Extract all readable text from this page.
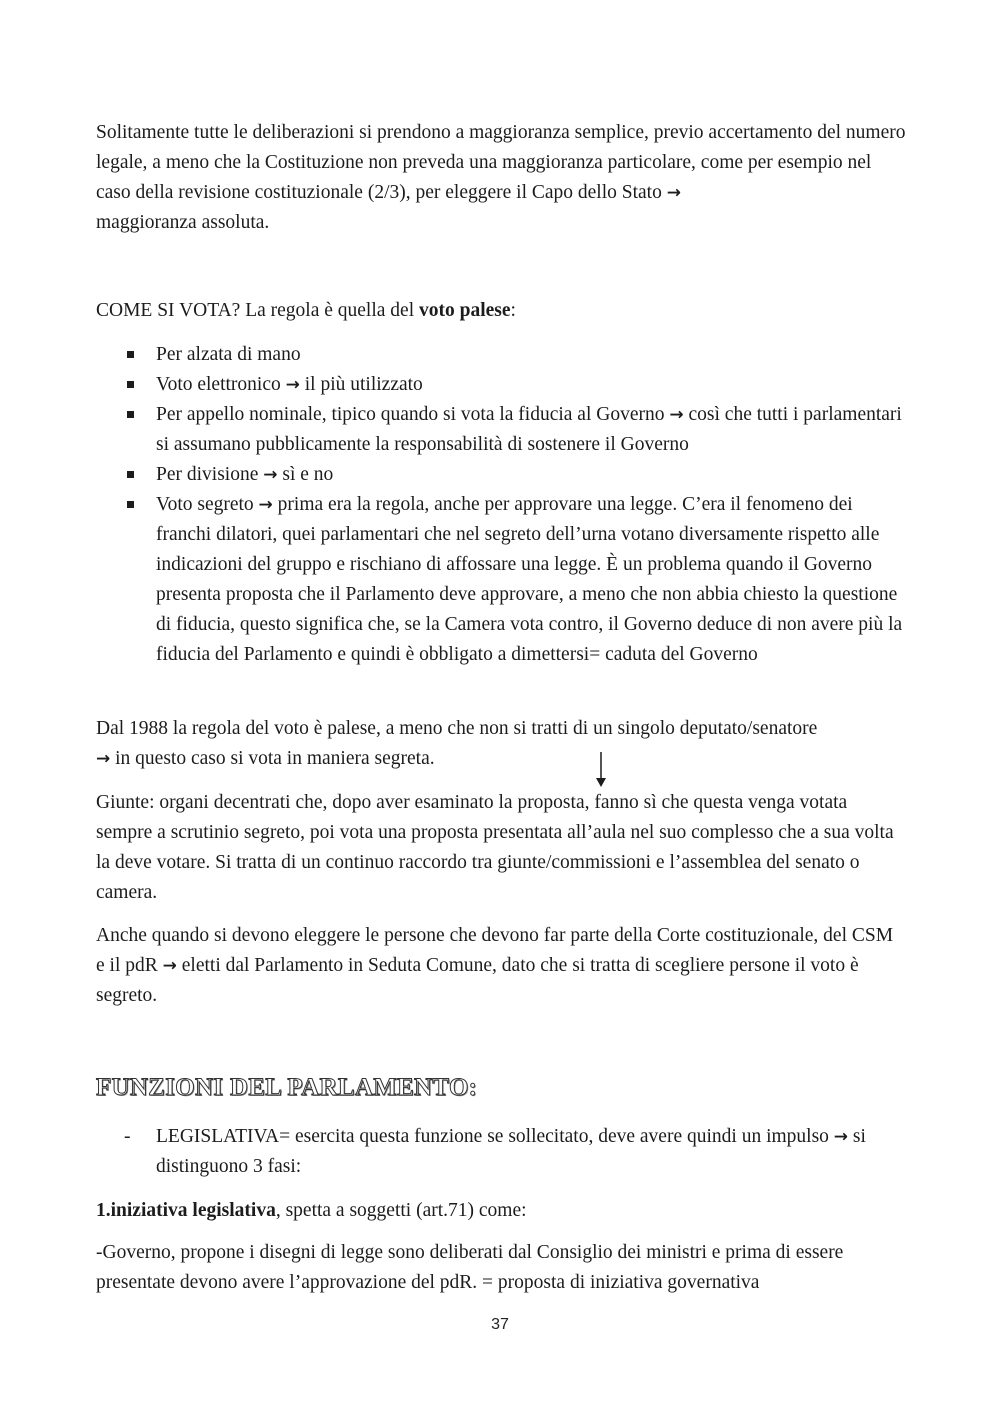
Solitamente tutte le deliberazioni si prendono a maggioranza semplice, previo accertamento del numero legale, a meno che la Costituzione non preveda una maggioranza particolare, come per esempio nel caso della revisione costituzionale (2/3), per eleggere il Capo dello Stato →
maggioranza assoluta.

COME SI VOTA? La regola è quella del voto palese:

Per alzata di mano
Voto elettronico → il più utilizzato
Per appello nominale, tipico quando si vota la fiducia al Governo → così che tutti i parlamentari si assumano pubblicamente la responsabilità di sostenere il Governo
Per divisione → sì e no
Voto segreto → prima era la regola, anche per approvare una legge. C’era il fenomeno dei franchi dilatori, quei parlamentari che nel segreto dell’urna votano diversamente rispetto alle indicazioni del gruppo e rischiano di affossare una legge. È un problema quando il Governo presenta proposta che il Parlamento deve approvare, a meno che non abbia chiesto la questione di fiducia, questo significa che, se la Camera vota contro, il Governo deduce di non avere più la fiducia del Parlamento e quindi è obbligato a dimettersi= caduta del Governo

Dal 1988 la regola del voto è palese, a meno che non si tratti di un singolo deputato/senatore
→ in questo caso si vota in maniera segreta.

Giunte: organi decentrati che, dopo aver esaminato la proposta, fanno sì che questa venga votata sempre a scrutinio segreto, poi vota una proposta presentata all’aula nel suo complesso che a sua volta la deve votare. Si tratta di un continuo raccordo tra giunte/commissioni e l’assemblea del senato o camera.

Anche quando si devono eleggere le persone che devono far parte della Corte costituzionale, del CSM e il pdR → eletti dal Parlamento in Seduta Comune, dato che si tratta di scegliere persone il voto è segreto.

FUNZIONI DEL PARLAMENTO:
- LEGISLATIVA= esercita questa funzione se sollecitato, deve avere quindi un impulso → si distinguono 3 fasi:

1.iniziativa legislativa, spetta a soggetti (art.71) come:

-Governo, propone i disegni di legge sono deliberati dal Consiglio dei ministri e prima di essere presentate devono avere l’approvazione del pdR. = proposta di iniziativa governativa

37
